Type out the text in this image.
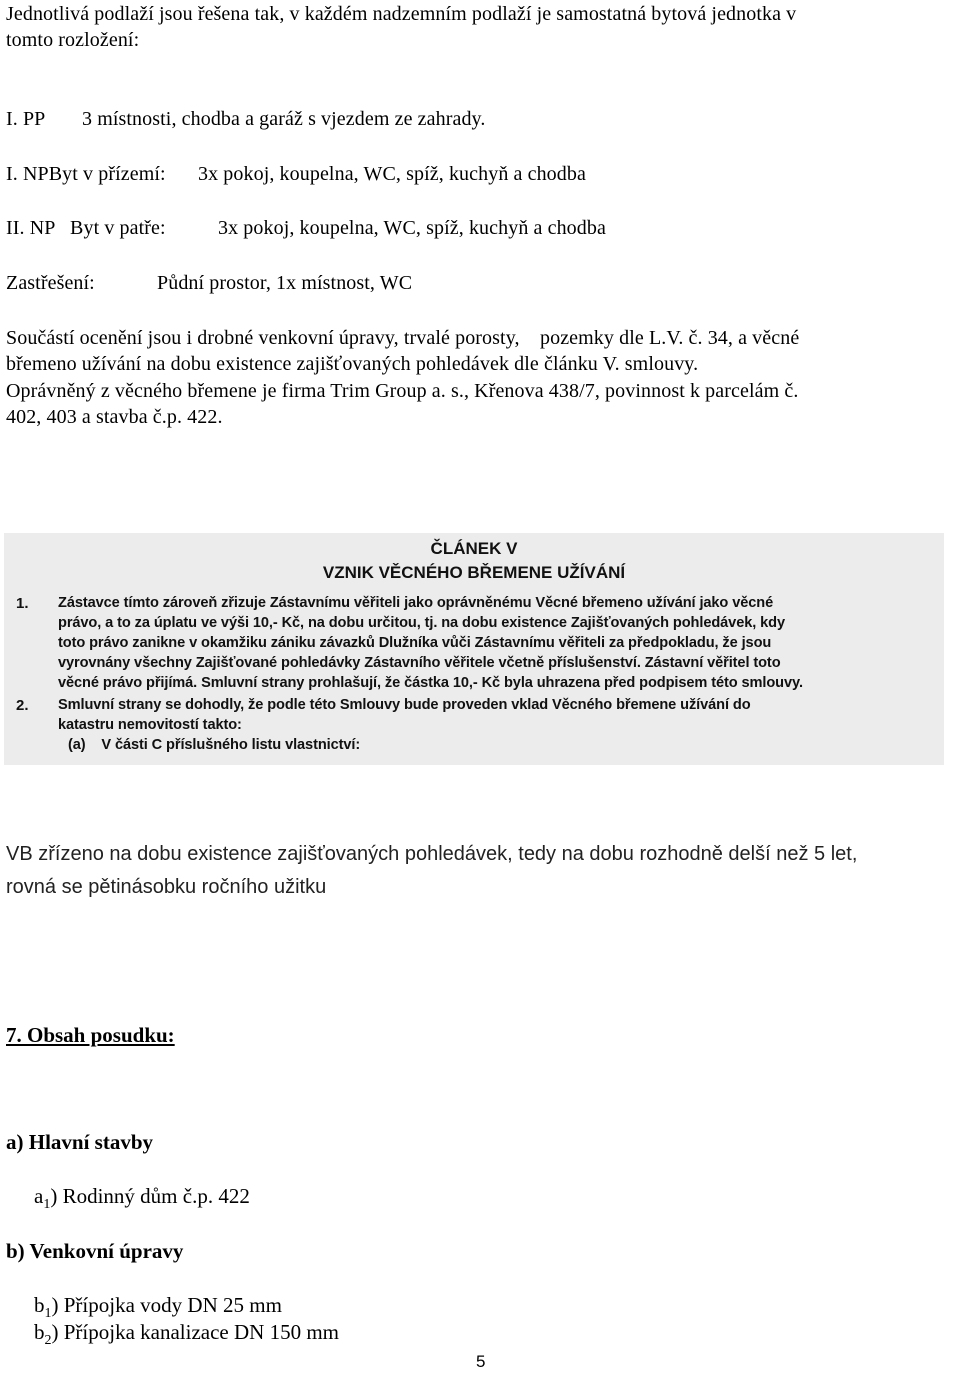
Jednotlivá podlaží jsou řešena tak, v každém nadzemním podlaží je samostatná bytová jednotka v
tomto rozložení:
I. PP 3 místnosti, chodba a garáž s vjezdem ze zahrady.
I. NPByt v přízemí: 3x pokoj, koupelna, WC, spíž, kuchyň a chodba
II. NP   Byt v patře:	3x pokoj, koupelna, WC, spíž, kuchyň a chodba
Zastřešení:	Půdní prostor, 1x místnost, WC
Součástí ocenění jsou i drobné venkovní úpravy, trvalé porosty,    pozemky dle L.V. č. 34, a věcné
břemeno užívání na dobu existence zajišťovaných pohledávek dle článku V. smlouvy.
Oprávněný z věcného břemene je firma Trim Group a. s., Křenova 438/7, povinnost k parcelám č.
402, 403 a stavba č.p. 422.
ČLÁNEK V
VZNIK VĚCNÉHO BŘEMENE UŽÍVÁNÍ
1. Zástavce tímto zároveň zřizuje Zástavnímu věřiteli jako oprávněnému Věcné břemeno užívání jako věcné
právo, a to za úplatu ve výši 10,- Kč, na dobu určitou, tj. na dobu existence Zajišťovaných pohledávek, kdy
toto právo zanikne v okamžiku zániku závazků Dlužníka vůči Zástavnímu věřiteli za předpokladu, že jsou
vyrovnány všechny Zajišťované pohledávky Zástavního věřitele včetně příslušenství. Zástavní věřitel toto
věcné právo přijímá. Smluvní strany prohlašují, že částka 10,- Kč byla uhrazena před podpisem této smlouvy.
2. Smluvní strany se dohodly, že podle této Smlouvy bude proveden vklad Věcného břemene užívání do
katastru nemovitostí takto:
(a)    V části C příslušného listu vlastnictví:
VB zřízeno na dobu existence zajišťovaných pohledávek, tedy na dobu rozhodně delší než 5 let,
rovná se pětinásobku ročního užitku
7. Obsah posudku:
a) Hlavní stavby
$a_1$) Rodinný dům č.p. 422
b) Venkovní úpravy
$b_1$) Přípojka vody DN 25 mm
$b_2$) Přípojka kanalizace DN 150 mm
5
